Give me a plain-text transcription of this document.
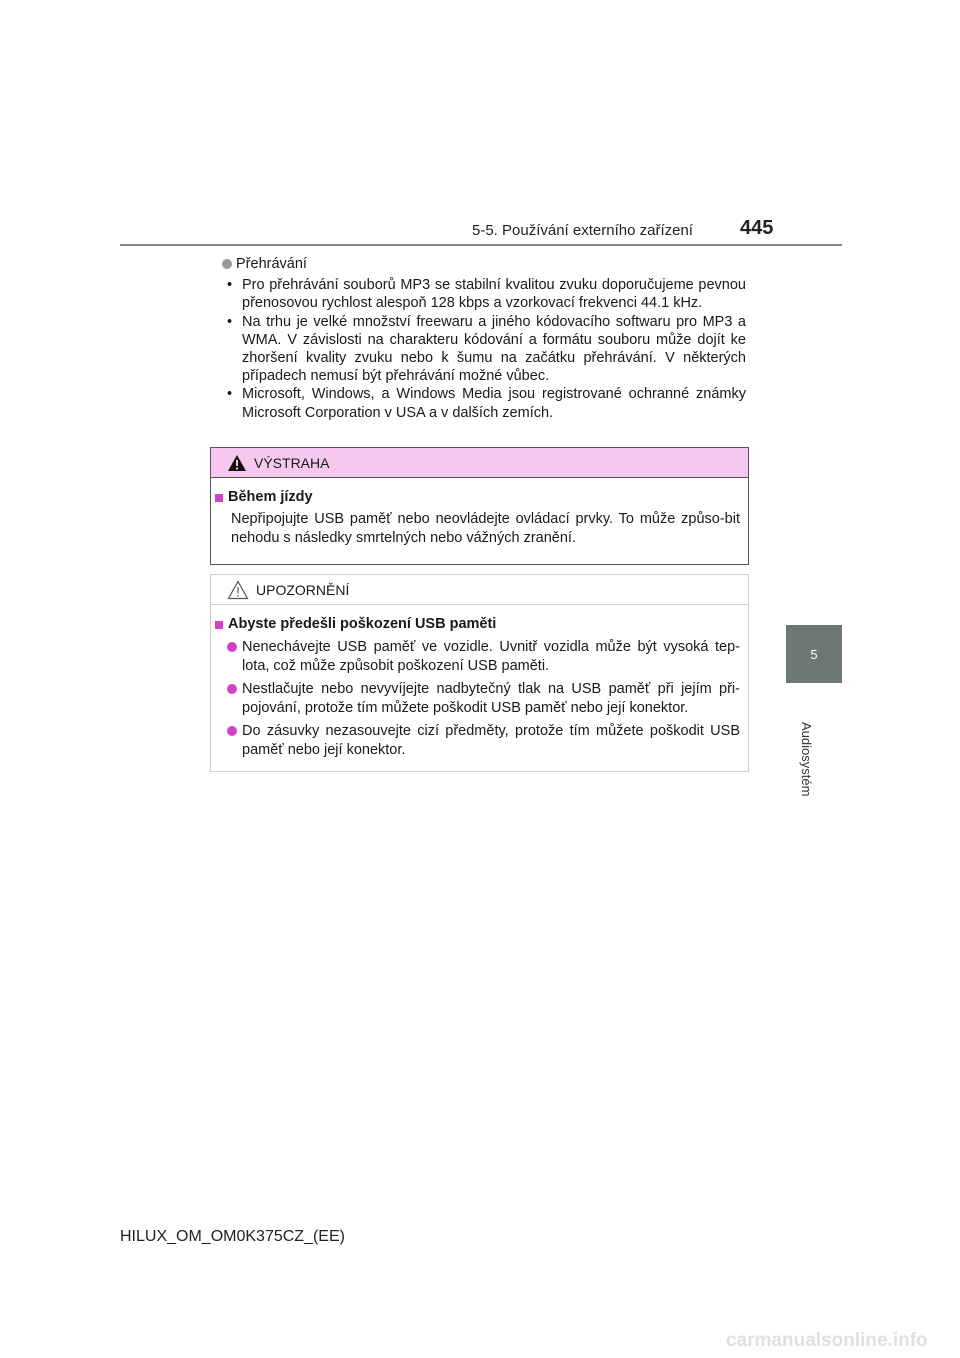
5-5. Používání externího zařízení 445
5
Audiosystém
Přehrávání
• Pro přehrávání souborů MP3 se stabilní kvalitou zvuku doporučujeme pevnou přenosovou rychlost alespoň 128 kbps a vzorkovací frekvenci 44.1 kHz.
• Na trhu je velké množství freewaru a jiného kódovacího softwaru pro MP3 a WMA. V závislosti na charakteru kódování a formátu souboru může dojít ke zhoršení kvality zvuku nebo k šumu na začátku přehrávání. V některých případech nemusí být přehrávání možné vůbec.
• Microsoft, Windows, a Windows Media jsou registrované ochranné známky Microsoft Corporation v USA a v dalších zemích.
VÝSTRAHA
Během jízdy
Nepřipojujte USB paměť nebo neovládejte ovládací prvky. To může způso-bit nehodu s následky smrtelných nebo vážných zranění.
UPOZORNĚNÍ
Abyste předešli poškození USB paměti
Nenechávejte USB paměť ve vozidle. Uvnitř vozidla může být vysoká tep-lota, což může způsobit poškození USB paměti.
Nestlačujte nebo nevyvíjejte nadbytečný tlak na USB paměť při jejím při-pojování, protože tím můžete poškodit USB paměť nebo její konektor.
Do zásuvky nezasouvejte cizí předměty, protože tím můžete poškodit USB paměť nebo její konektor.
HILUX_OM_OM0K375CZ_(EE)
carmanualsonline.info
